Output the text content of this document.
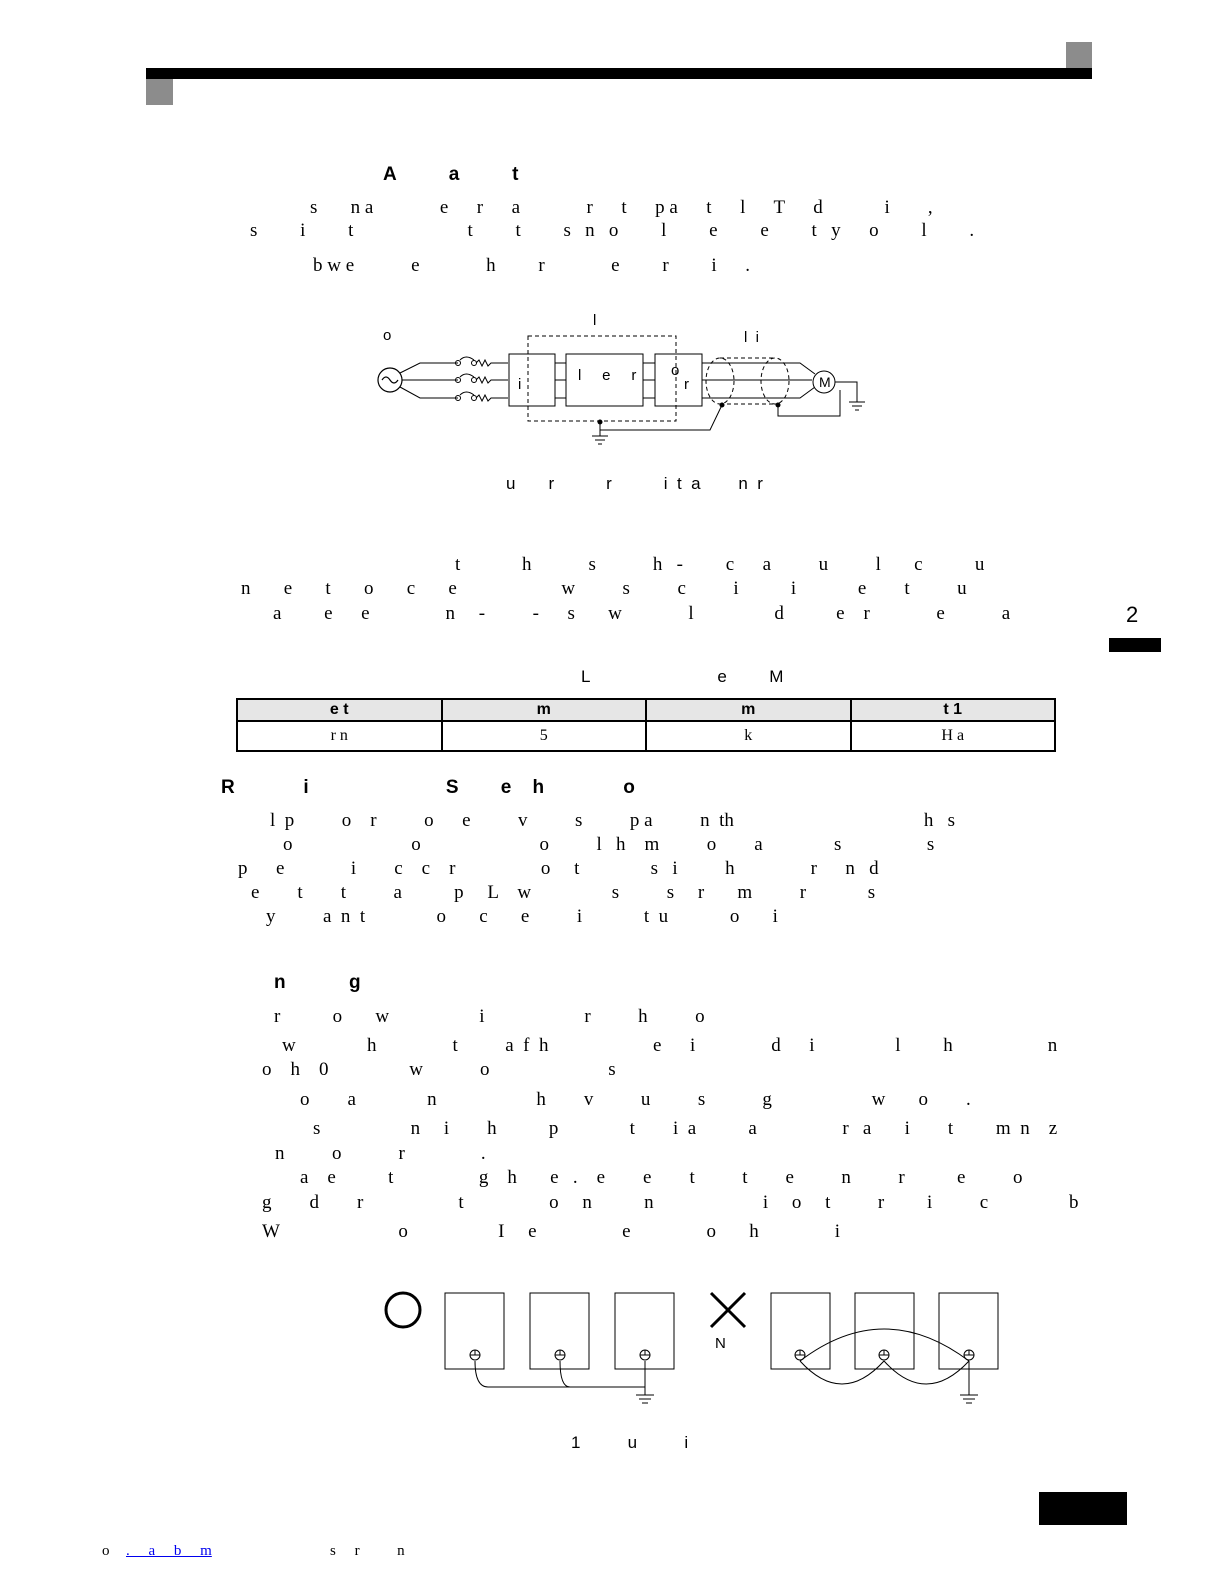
2
A          a          t
s       n a              e      r      a              r      t      p a      t      l      T      d             i        ,
s         i         t                        t         t         s   n   o         l         e         e         t   y      o         l         .
b w e            e              h         r              e         r         i      .
l
o	l  i
i
l     e     r o
r	M
u       r           r           i  t  a        n  r
t             h            s            h   -         c      a          u          l       c           u
n       e       t       o       c       e                      w          s          c          i           i             e        t          u
a         e      e                n     -          -      s       w              l                 d           e    r              e            a
L                           e         M
e t	m	m	t 1
r n	5	k	H a
R             i                          S        e    h               o
l  p          o    r          o      e          v          s          p a          n  th                                        h   s
o                         o                         o          l   h    m          o        a               s                  s
p      e              i        c    c    r                  o     t               s   i          h                r      n   d
e        t        t          a           p     L    w                 s          s     r       m          r             s
y          a  n  t               o       c       e          i             t  u             o       i
n            g
r           o       w                   i                     r          h          o
w               h                t          a  f  h                      e      i                d      i                 l         h                    n
o    h    0                 w            o                         s
o        a               n                     h        v          u          s            g                     w       o        .
s                   n     i        h           p               t        i  a           a                  r   a       i        t         m  n    z
n          o            r                .
a    e           t                  g    h       e   .    e        e        t          t        e          n          r           e          o
g        d        r                    t                  o     n           n                       i     o     t          r         i          c                 b
W                         o                   I     e                  e                o       h                i
N
1          u          i
o .     a     b     m	s     r          n
